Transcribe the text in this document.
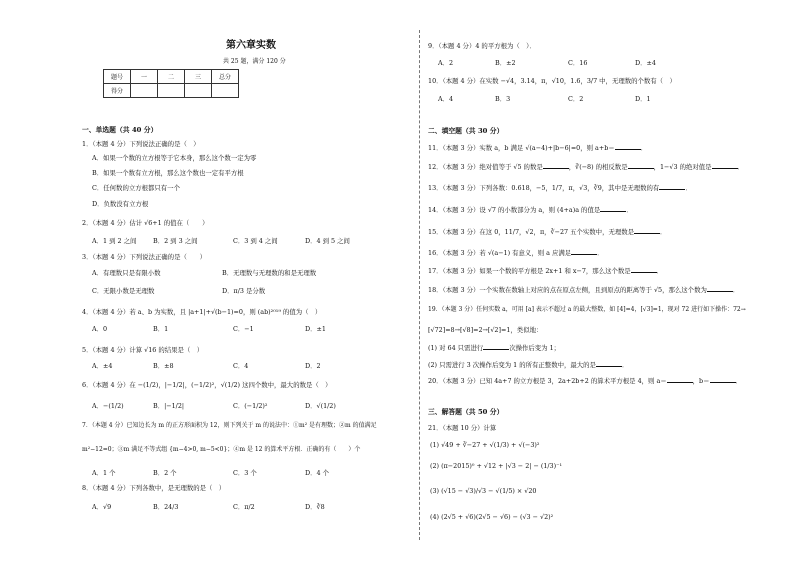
第六章实数
共 25 题，满分 120 分
题号	一	二	三	总分
得分				
一、单选题（共 40 分）
1．（本题 4 分）下列说法正确的是（　）
A．如果一个数的立方根等于它本身，那么这个数一定为零
B．如果一个数有立方根，那么这个数也一定有平方根
C．任何数的立方根都只有一个
D．负数没有立方根
2．（本题 4 分）估计 √6+1 的值在（　　）
A．1 到 2 之间	B．2 到 3 之间	C．3 到 4 之间	D．4 到 5 之间
3．（本题 4 分）下列说法正确的是（　　）
A．有理数只是有限小数	B．无理数与无理数的和是无理数
C．无限小数是无理数	D．π/3 是分数
4．（本题 4 分）若 a、b 为实数，且 |a+1|+√(b−1)=0，则 (ab)²⁰¹⁹ 的值为（　）
A．0	B．1	C．−1	D．±1
5．（本题 4 分）计算 √16 的结果是（　）
A．±4	B．±8	C．4	D．2
6．（本题 4 分）在 −(1/2)，|−1/2|，(−1/2)²，√(1/2) 这四个数中，最大的数是（　）
A．−(1/2)	B．|−1/2|	C．(−1/2)²	D．√(1/2)
7．（本题 4 分）已知边长为 m 的正方形面积为 12，则下列关于 m 的说法中：①m² 是有理数；②m 的值满足
m²−12=0；③m 满足不等式组 {m−4>0, m−5<0}；④m 是 12 的算术平方根．正确的有（　　）个
A．1 个	B．2 个	C．3 个	D．4 个
8．（本题 4 分）下列各数中，是无理数的是（　）
A．√9	B．24/3	C．π/2	D．∛8
9．（本题 4 分）4 的平方根为（　）．
A．2	B．±2	C．16	D．±4
10．（本题 4 分）在实数 −√4，3.14，π，√10，1.6，3/7 中，无理数的个数有（　）
A．4	B．3	C．2	D．1
二、填空题（共 30 分）
11．（本题 3 分）实数 a，b 满足 √(a−4)+|b−6|=0，则 a+b＝	．
12．（本题 3 分）绝对值等于 √5 的数是	，∛(−8) 的相反数是	，1−√3 的绝对值是	．
13．（本题 3 分）下列各数：0.618，−5，1/7，π，√3，∛9，其中是无理数的有	．
14．（本题 3 分）设 √7 的小数部分为 a，则 (4+a)a 的值是	．
15．（本题 3 分）在这 0，11/7，√2，π，∛−27 五个实数中，无理数是	．
16．（本题 3 分）若 √(a−1) 有意义，则 a 应满足	．
17．（本题 3 分）如果一个数的平方根是 2x+1 和 x−7，那么这个数是	．
18．（本题 3 分）一个实数在数轴上对应的点在原点左侧，且到原点的距离等于 √5，那么这个数为	．
19．（本题 3 分）任何实数 a，可用 [a] 表示不超过 a 的最大整数，如 [4]=4，[√3]=1，现对 72 进行如下操作：72→
[√72]=8→[√8]=2→[√2]=1，类似地：
(1) 对 64 只需进行	次操作后变为 1；
(2) 只需进行 3 次操作后变为 1 的所有正整数中，最大的是	．
20．（本题 3 分）已知 4a+7 的立方根是 3，2a+2b+2 的算术平方根是 4，则 a＝	，b＝	．
三、解答题（共 50 分）
21．（本题 10 分）计算
(1) √49 + ∛−27 + √(1/3) + √(−3)²
(2) (π−2015)⁰ + √12 + |√3 − 2| − (1/3)⁻¹
(3) (√15 − √3)/√3 − √(1/5) × √20
(4) (2√5 + √6)(2√5 − √6) − (√3 − √2)²
